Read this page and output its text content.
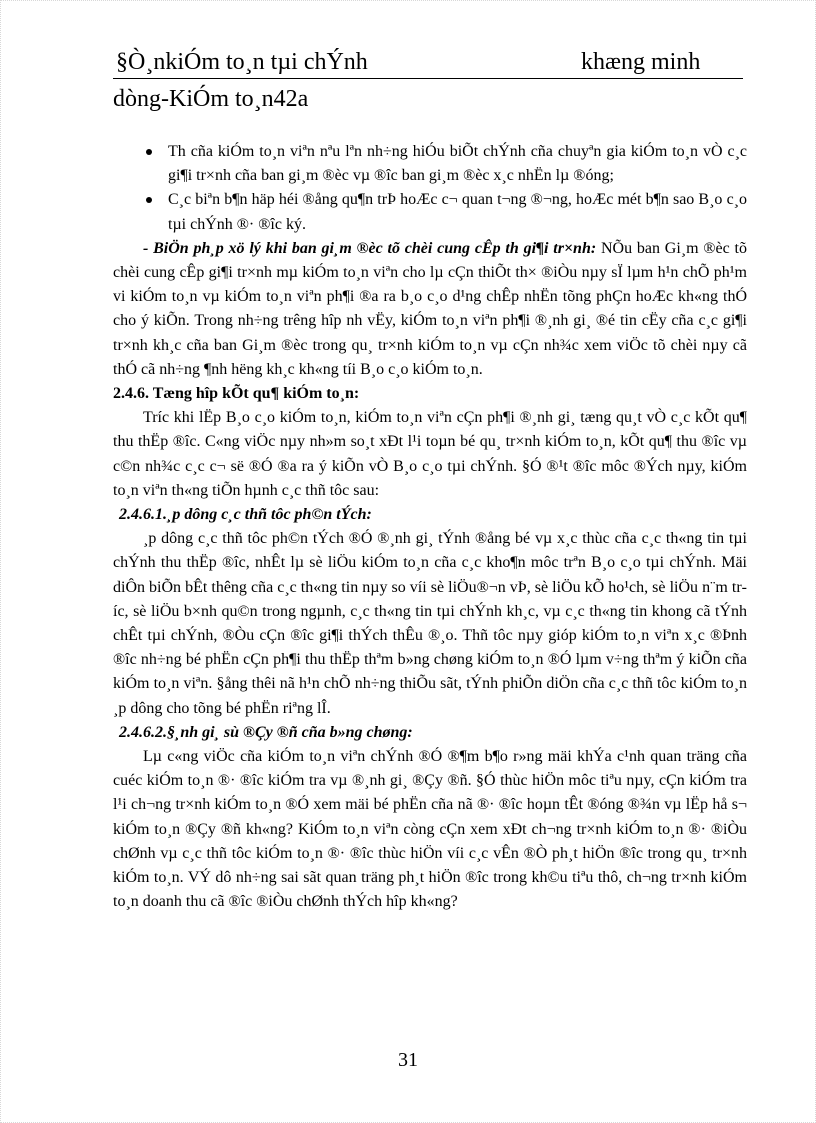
§Ò¸nkiÓm to¸n tµi chÝnh	khæng minh
dòng-KiÓm to¸n42a
Th cña kiÓm to¸n viªn nªu lªn nh÷ng hiÓu biÕt chÝnh cña chuyªn gia kiÓm to¸n vÒ c¸c gi¶i tr×nh cña ban gi¸m ®èc vµ ®îc ban gi¸m ®èc x¸c nhËn lµ ®óng;
C¸c biªn b¶n häp héi ®ång qu¶n trÞ hoÆc c¬ quan t¬ng ®¬ng, hoÆc mét b¶n sao B¸o c¸o tµi chÝnh ®· ®îc ký.

- BiÖn ph¸p xö lý khi ban gi¸m ®èc tõ chèi cung cÊp th gi¶i tr×nh: NÕu ban Gi¸m ®èc tõ chèi cung cÊp gi¶i tr×nh mµ kiÓm to¸n viªn cho lµ cÇn thiÕt th× ®iÒu nµy sÏ lµm h¹n chÕ ph¹m vi kiÓm to¸n vµ kiÓm to¸n viªn ph¶i ®a ra b¸o c¸o d¹ng chÊp nhËn tõng phÇn hoÆc kh«ng thÓ cho ý kiÕn. Trong nh÷ng trêng hîp nh vËy, kiÓm to¸n viªn ph¶i ®¸nh gi¸ ®é tin cËy cña c¸c gi¶i tr×nh kh¸c cña ban Gi¸m ®èc trong qu¸ tr×nh kiÓm to¸n vµ cÇn nh¾c xem viÖc tõ chèi nµy cã thÓ cã nh÷ng ¶nh hëng kh¸c kh«ng tíi B¸o c¸o kiÓm to¸n.

2.4.6. Tæng hîp kÕt qu¶ kiÓm to¸n:

Tríc khi lËp B¸o c¸o kiÓm to¸n, kiÓm to¸n viªn cÇn ph¶i ®¸nh gi¸ tæng qu¸t vÒ c¸c kÕt qu¶ thu thËp ®îc. C«ng viÖc nµy nh»m so¸t xÐt l¹i toµn bé qu¸ tr×nh kiÓm to¸n, kÕt qu¶ thu ®îc vµ c©n nh¾c c¸c c¬ së ®Ó ®a ra ý kiÕn vÒ B¸o c¸o tµi chÝnh. §Ó ®¹t ®îc môc ®Ých nµy, kiÓm to¸n viªn th«ng tiÕn hµnh c¸c thñ tôc sau:

2.4.6.1.¸p dông c¸c thñ tôc ph©n tÝch:

¸p dông c¸c thñ tôc ph©n tÝch ®Ó ®¸nh gi¸ tÝnh ®ång bé vµ x¸c thùc cña c¸c th«ng tin tµi chÝnh thu thËp ®îc, nhÊt lµ sè liÖu kiÓm to¸n cña c¸c kho¶n môc trªn B¸o c¸o tµi chÝnh. Mäi diÔn biÕn bÊt thêng cña c¸c th«ng tin nµy so víi sè liÖu®¬n vÞ, sè liÖu kÕ ho¹ch, sè liÖu n¨m tríc, sè liÖu b×nh qu©n trong ngµnh, c¸c th«ng tin tµi chÝnh kh¸c, vµ c¸c th«ng tin khong cã tÝnh chÊt tµi chÝnh, ®Òu cÇn ®îc gi¶i thÝch thÊu ®¸o. Thñ tôc nµy gióp kiÓm to¸n viªn x¸c ®Þnh ®îc nh÷ng bé phËn cÇn ph¶i thu thËp thªm b»ng chøng kiÓm to¸n ®Ó lµm v÷ng thªm ý kiÕn cña kiÓm to¸n viªn. §ång thêi nã h¹n chÕ nh÷ng thiÕu sãt, tÝnh phiÕn diÖn cña c¸c thñ tôc kiÓm to¸n ¸p dông cho tõng bé phËn riªng lÎ.

2.4.6.2.§¸nh gi¸ sù ®Çy ®ñ cña b»ng chøng:

Lµ c«ng viÖc cña kiÓm to¸n viªn chÝnh ®Ó ®¶m b¶o r»ng mäi khÝa c¹nh quan träng cña cuéc kiÓm to¸n ®· ®îc kiÓm tra vµ ®¸nh gi¸ ®Çy ®ñ. §Ó thùc hiÖn môc tiªu nµy, cÇn kiÓm tra l¹i ch¬ng tr×nh kiÓm to¸n ®Ó xem mäi bé phËn cña nã ®· ®îc hoµn tÊt ®óng ®¾n vµ lËp hå s¬ kiÓm to¸n ®Çy ®ñ kh«ng? KiÓm to¸n viªn còng cÇn xem xÐt ch¬ng tr×nh kiÓm to¸n ®· ®iÒu chØnh vµ c¸c thñ tôc kiÓm to¸n ®· ®îc thùc hiÖn víi c¸c vÊn ®Ò ph¸t hiÖn ®îc trong qu¸ tr×nh kiÓm to¸n. VÝ dô nh÷ng sai sãt quan träng ph¸t hiÖn ®îc trong kh©u tiªu thô, ch¬ng tr×nh kiÓm to¸n doanh thu cã ®îc ®iÒu chØnh thÝch hîp kh«ng?

31
